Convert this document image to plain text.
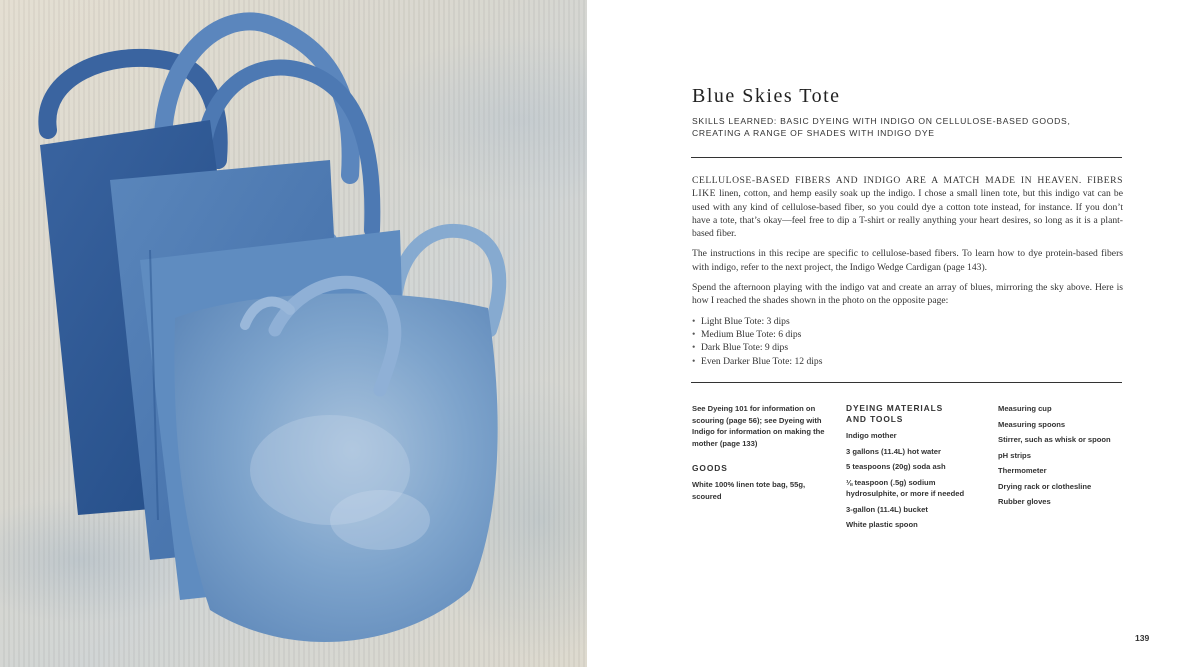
Blue Skies Tote
SKILLS LEARNED: BASIC DYEING WITH INDIGO ON CELLULOSE-BASED GOODS,
CREATING A RANGE OF SHADES WITH INDIGO DYE

CELLULOSE-BASED FIBERS AND INDIGO ARE A MATCH MADE IN HEAVEN. FIBERS LIKE linen, cotton, and hemp easily soak up the indigo. I chose a small linen tote, but this indigo vat can be used with any kind of cellulose-based fiber, so you could dye a cotton tote instead, for instance. If you don’t have a tote, that’s okay—feel free to dip a T-shirt or really anything your heart desires, so long as it is a plant-based fiber.

The instructions in this recipe are specific to cellulose-based fibers. To learn how to dye protein-based fibers with indigo, refer to the next project, the Indigo Wedge Cardigan (page 143).

Spend the afternoon playing with the indigo vat and create an array of blues, mirroring the sky above. Here is how I reached the shades shown in the photo on the opposite page:

• Light Blue Tote: 3 dips
• Medium Blue Tote: 6 dips
• Dark Blue Tote: 9 dips
• Even Darker Blue Tote: 12 dips
See Dyeing 101 for information on scouring (page 56); see Dyeing with Indigo for information on making the mother (page 133)
GOODS
White 100% linen tote bag, 55g, scoured
DYEING MATERIALS
AND TOOLS
Indigo mother
3 gallons (11.4L) hot water
5 teaspoons (20g) soda ash
⅛ teaspoon (.5g) sodium hydrosulphite, or more if needed
3-gallon (11.4L) bucket
White plastic spoon
Measuring cup
Measuring spoons
Stirrer, such as whisk or spoon
pH strips
Thermometer
Drying rack or clothesline
Rubber gloves
139
